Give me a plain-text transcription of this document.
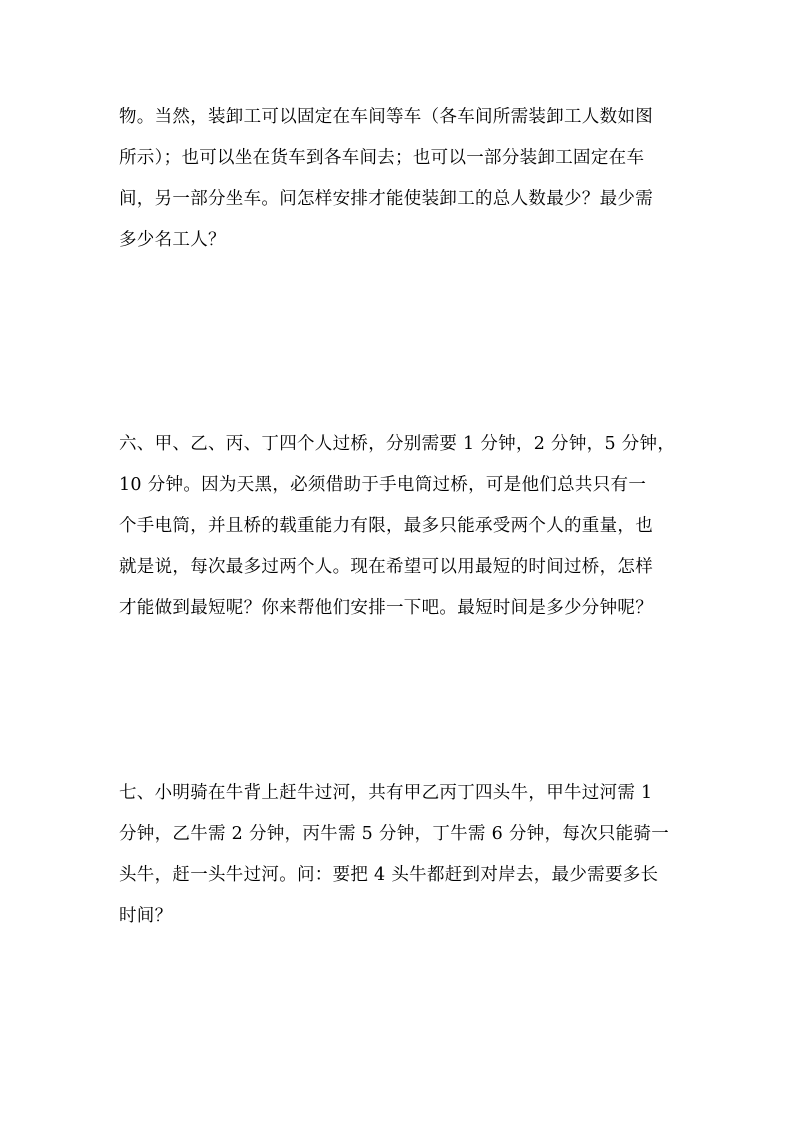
物。当然，装卸工可以固定在车间等车（各车间所需装卸工人数如图
所示）；也可以坐在货车到各车间去；也可以一部分装卸工固定在车
间，另一部分坐车。问怎样安排才能使装卸工的总人数最少？最少需
多少名工人？
六、甲、乙、丙、丁四个人过桥，分别需要 1 分钟，2 分钟，5 分钟，
10 分钟。因为天黑，必须借助于手电筒过桥，可是他们总共只有一
个手电筒，并且桥的载重能力有限，最多只能承受两个人的重量，也
就是说，每次最多过两个人。现在希望可以用最短的时间过桥，怎样
才能做到最短呢？你来帮他们安排一下吧。最短时间是多少分钟呢？
七、小明骑在牛背上赶牛过河，共有甲乙丙丁四头牛，甲牛过河需 1
分钟，乙牛需 2 分钟，丙牛需 5 分钟，丁牛需 6 分钟，每次只能骑一
头牛，赶一头牛过河。问：要把 4 头牛都赶到对岸去，最少需要多长
时间？
